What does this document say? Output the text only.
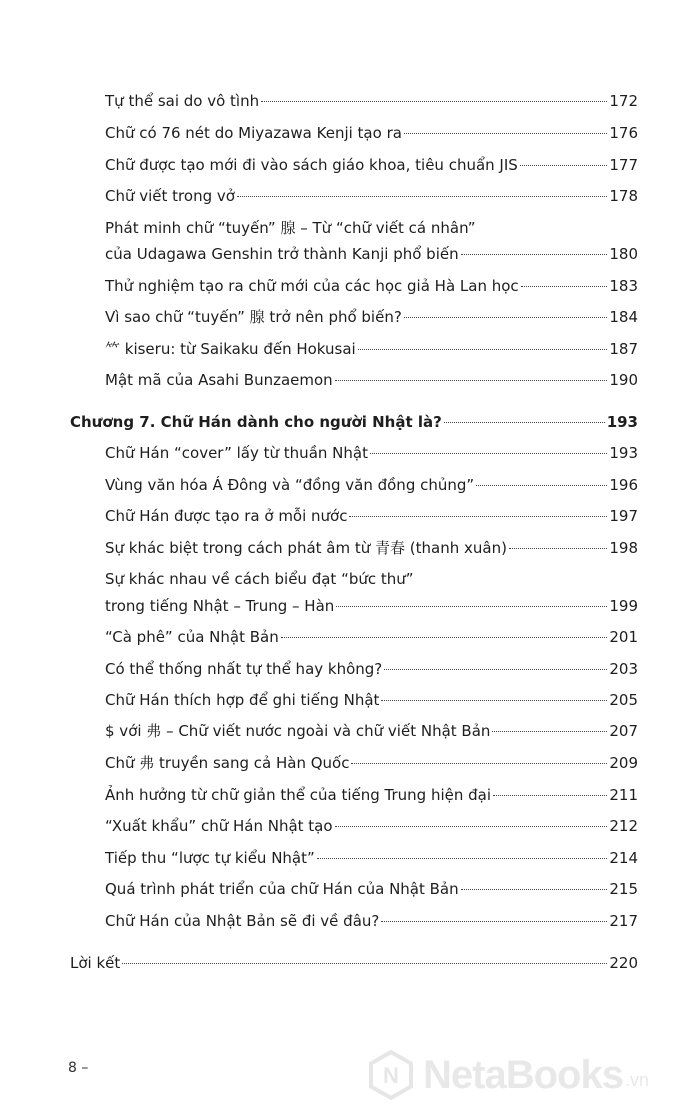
Tự thể sai do vô tình	172
Chữ có 76 nét do Miyazawa Kenji tạo ra	176
Chữ được tạo mới đi vào sách giáo khoa, tiêu chuẩn JIS	177
Chữ viết trong vở	178
Phát minh chữ “tuyến” 腺 – Từ “chữ viết cá nhân”
của Udagawa Genshin trở thành Kanji phổ biến	180
Thử nghiệm tạo ra chữ mới của các học giả Hà Lan học	183
Vì sao chữ “tuyến” 腺 trở nên phổ biến?	184
𥫗 kiseru: từ Saikaku đến Hokusai	187
Mật mã của Asahi Bunzaemon	190
Chương 7. Chữ Hán dành cho người Nhật là?	193
Chữ Hán “cover” lấy từ thuần Nhật	193
Vùng văn hóa Á Đông và “đồng văn đồng chủng”	196
Chữ Hán được tạo ra ở mỗi nước	197
Sự khác biệt trong cách phát âm từ 青春 (thanh xuân)	198
Sự khác nhau về cách biểu đạt “bức thư”
trong tiếng Nhật – Trung – Hàn	199
“Cà phê” của Nhật Bản	201
Có thể thống nhất tự thể hay không?	203
Chữ Hán thích hợp để ghi tiếng Nhật	205
$ với 弗 – Chữ viết nước ngoài và chữ viết Nhật Bản	207
Chữ 弗 truyền sang cả Hàn Quốc	209
Ảnh hưởng từ chữ giản thể của tiếng Trung hiện đại	211
“Xuất khẩu” chữ Hán Nhật tạo	212
Tiếp thu “lược tự kiểu Nhật”	214
Quá trình phát triển của chữ Hán của Nhật Bản	215
Chữ Hán của Nhật Bản sẽ đi về đâu?	217
Lời kết	220
8 –	N NetaBooks .vn
